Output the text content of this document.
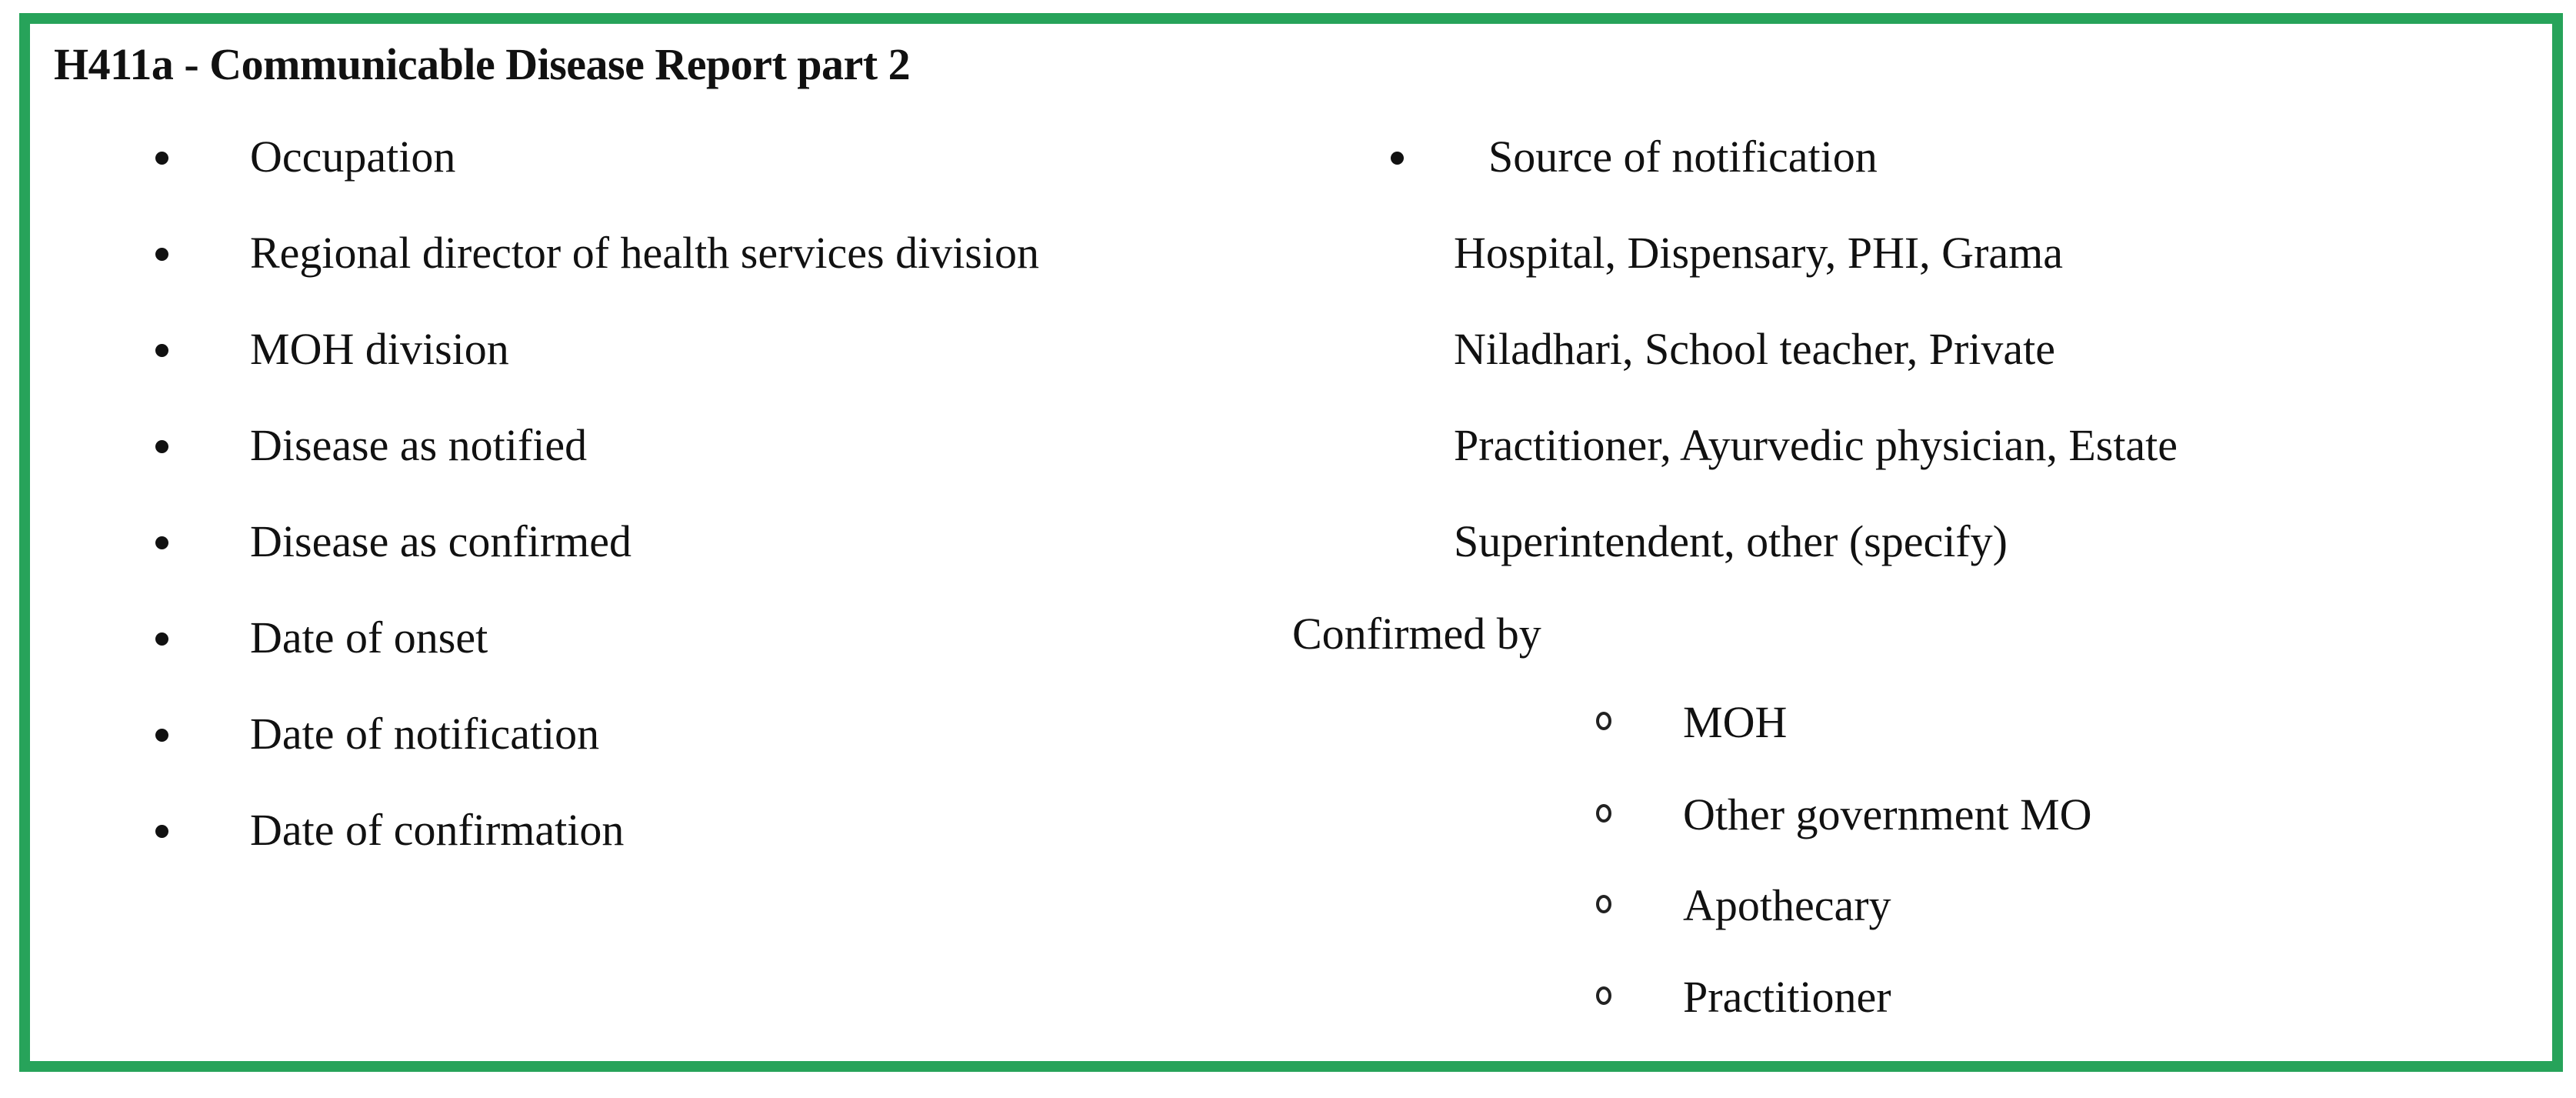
H411a - Communicable Disease Report part 2
Occupation
Regional director of health services division
MOH division
Disease as notified
Disease as confirmed
Date of onset
Date of notification
Date of confirmation
Source of notification
Hospital, Dispensary, PHI, Grama
Niladhari, School teacher, Private
Practitioner, Ayurvedic physician, Estate
Superintendent, other (specify)
Confirmed by
MOH
Other government MO
Apothecary
Practitioner
